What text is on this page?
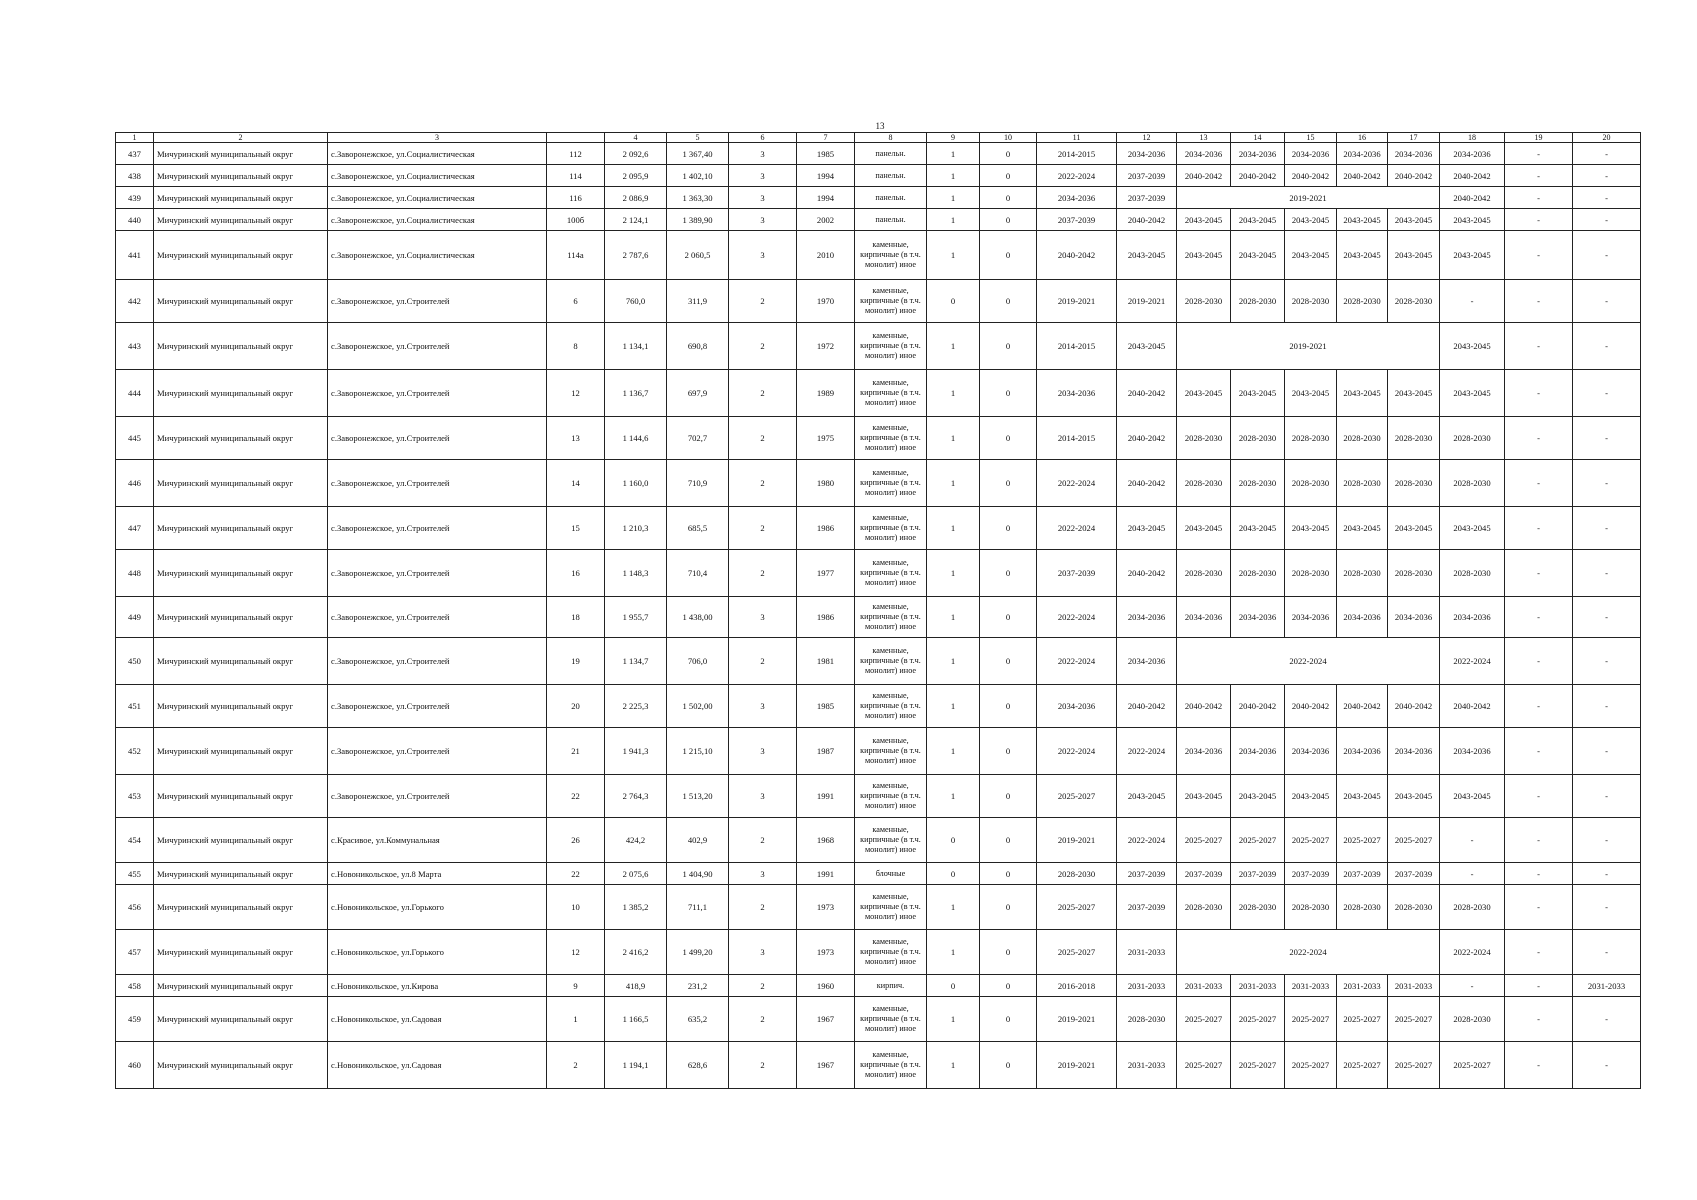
13
1	2	3		4	5	6	7	8	9	10	11	12	13	14	15	16	17	18	19	20
437	Мичуринский муниципальный округ	с.Заворонежское, ул.Социалистическая	112	2 092,6	1 367,40	3	1985	панельн.	1	0	2014-2015	2034-2036	2034-2036	2034-2036	2034-2036	2034-2036	2034-2036	2034-2036	-	-
438	Мичуринский муниципальный округ	с.Заворонежское, ул.Социалистическая	114	2 095,9	1 402,10	3	1994	панельн.	1	0	2022-2024	2037-2039	2040-2042	2040-2042	2040-2042	2040-2042	2040-2042	2040-2042	-	-
439	Мичуринский муниципальный округ	с.Заворонежское, ул.Социалистическая	116	2 086,9	1 363,30	3	1994	панельн.	1	0	2034-2036	2037-2039	2019-2021					2040-2042	-	-
440	Мичуринский муниципальный округ	с.Заворонежское, ул.Социалистическая	100б	2 124,1	1 389,90	3	2002	панельн.	1	0	2037-2039	2040-2042	2043-2045	2043-2045	2043-2045	2043-2045	2043-2045	2043-2045	-	-
441	Мичуринский муниципальный округ	с.Заворонежское, ул.Социалистическая	114а	2 787,6	2 060,5	3	2010	каменные, кирпичные (в т.ч. монолит) иное	1	0	2040-2042	2043-2045	2043-2045	2043-2045	2043-2045	2043-2045	2043-2045	2043-2045	-	-
442	Мичуринский муниципальный округ	с.Заворонежское, ул.Строителей	6	760,0	311,9	2	1970	каменные, кирпичные (в т.ч. монолит) иное	0	0	2019-2021	2019-2021	2028-2030	2028-2030	2028-2030	2028-2030	2028-2030	-	-	-
443	Мичуринский муниципальный округ	с.Заворонежское, ул.Строителей	8	1 134,1	690,8	2	1972	каменные, кирпичные (в т.ч. монолит) иное	1	0	2014-2015	2043-2045	2019-2021					2043-2045	-	-
444	Мичуринский муниципальный округ	с.Заворонежское, ул.Строителей	12	1 136,7	697,9	2	1989	каменные, кирпичные (в т.ч. монолит) иное	1	0	2034-2036	2040-2042	2043-2045	2043-2045	2043-2045	2043-2045	2043-2045	2043-2045	-	-
445	Мичуринский муниципальный округ	с.Заворонежское, ул.Строителей	13	1 144,6	702,7	2	1975	каменные, кирпичные (в т.ч. монолит) иное	1	0	2014-2015	2040-2042	2028-2030	2028-2030	2028-2030	2028-2030	2028-2030	2028-2030	-	-
446	Мичуринский муниципальный округ	с.Заворонежское, ул.Строителей	14	1 160,0	710,9	2	1980	каменные, кирпичные (в т.ч. монолит) иное	1	0	2022-2024	2040-2042	2028-2030	2028-2030	2028-2030	2028-2030	2028-2030	2028-2030	-	-
447	Мичуринский муниципальный округ	с.Заворонежское, ул.Строителей	15	1 210,3	685,5	2	1986	каменные, кирпичные (в т.ч. монолит) иное	1	0	2022-2024	2043-2045	2043-2045	2043-2045	2043-2045	2043-2045	2043-2045	2043-2045	-	-
448	Мичуринский муниципальный округ	с.Заворонежское, ул.Строителей	16	1 148,3	710,4	2	1977	каменные, кирпичные (в т.ч. монолит) иное	1	0	2037-2039	2040-2042	2028-2030	2028-2030	2028-2030	2028-2030	2028-2030	2028-2030	-	-
449	Мичуринский муниципальный округ	с.Заворонежское, ул.Строителей	18	1 955,7	1 438,00	3	1986	каменные, кирпичные (в т.ч. монолит) иное	1	0	2022-2024	2034-2036	2034-2036	2034-2036	2034-2036	2034-2036	2034-2036	2034-2036	-	-
450	Мичуринский муниципальный округ	с.Заворонежское, ул.Строителей	19	1 134,7	706,0	2	1981	каменные, кирпичные (в т.ч. монолит) иное	1	0	2022-2024	2034-2036	2022-2024					2022-2024	-	-
451	Мичуринский муниципальный округ	с.Заворонежское, ул.Строителей	20	2 225,3	1 502,00	3	1985	каменные, кирпичные (в т.ч. монолит) иное	1	0	2034-2036	2040-2042	2040-2042	2040-2042	2040-2042	2040-2042	2040-2042	2040-2042	-	-
452	Мичуринский муниципальный округ	с.Заворонежское, ул.Строителей	21	1 941,3	1 215,10	3	1987	каменные, кирпичные (в т.ч. монолит) иное	1	0	2022-2024	2022-2024	2034-2036	2034-2036	2034-2036	2034-2036	2034-2036	2034-2036	-	-
453	Мичуринский муниципальный округ	с.Заворонежское, ул.Строителей	22	2 764,3	1 513,20	3	1991	каменные, кирпичные (в т.ч. монолит) иное	1	0	2025-2027	2043-2045	2043-2045	2043-2045	2043-2045	2043-2045	2043-2045	2043-2045	-	-
454	Мичуринский муниципальный округ	с.Красивое, ул.Коммунальная	26	424,2	402,9	2	1968	каменные, кирпичные (в т.ч. монолит) иное	0	0	2019-2021	2022-2024	2025-2027	2025-2027	2025-2027	2025-2027	2025-2027	-	-	-
455	Мичуринский муниципальный округ	с.Новоникольское, ул.8 Марта	22	2 075,6	1 404,90	3	1991	блочные	0	0	2028-2030	2037-2039	2037-2039	2037-2039	2037-2039	2037-2039	2037-2039	-	-	-
456	Мичуринский муниципальный округ	с.Новоникольское, ул.Горького	10	1 385,2	711,1	2	1973	каменные, кирпичные (в т.ч. монолит) иное	1	0	2025-2027	2037-2039	2028-2030	2028-2030	2028-2030	2028-2030	2028-2030	2028-2030	-	-
457	Мичуринский муниципальный округ	с.Новоникольское, ул.Горького	12	2 416,2	1 499,20	3	1973	каменные, кирпичные (в т.ч. монолит) иное	1	0	2025-2027	2031-2033	2022-2024					2022-2024	-	-
458	Мичуринский муниципальный округ	с.Новоникольское, ул.Кирова	9	418,9	231,2	2	1960	кирпич.	0	0	2016-2018	2031-2033	2031-2033	2031-2033	2031-2033	2031-2033	2031-2033	-	-	2031-2033
459	Мичуринский муниципальный округ	с.Новоникольское, ул.Садовая	1	1 166,5	635,2	2	1967	каменные, кирпичные (в т.ч. монолит) иное	1	0	2019-2021	2028-2030	2025-2027	2025-2027	2025-2027	2025-2027	2025-2027	2028-2030	-	-
460	Мичуринский муниципальный округ	с.Новоникольское, ул.Садовая	2	1 194,1	628,6	2	1967	каменные, кирпичные (в т.ч. монолит) иное	1	0	2019-2021	2031-2033	2025-2027	2025-2027	2025-2027	2025-2027	2025-2027	2025-2027	-	-
